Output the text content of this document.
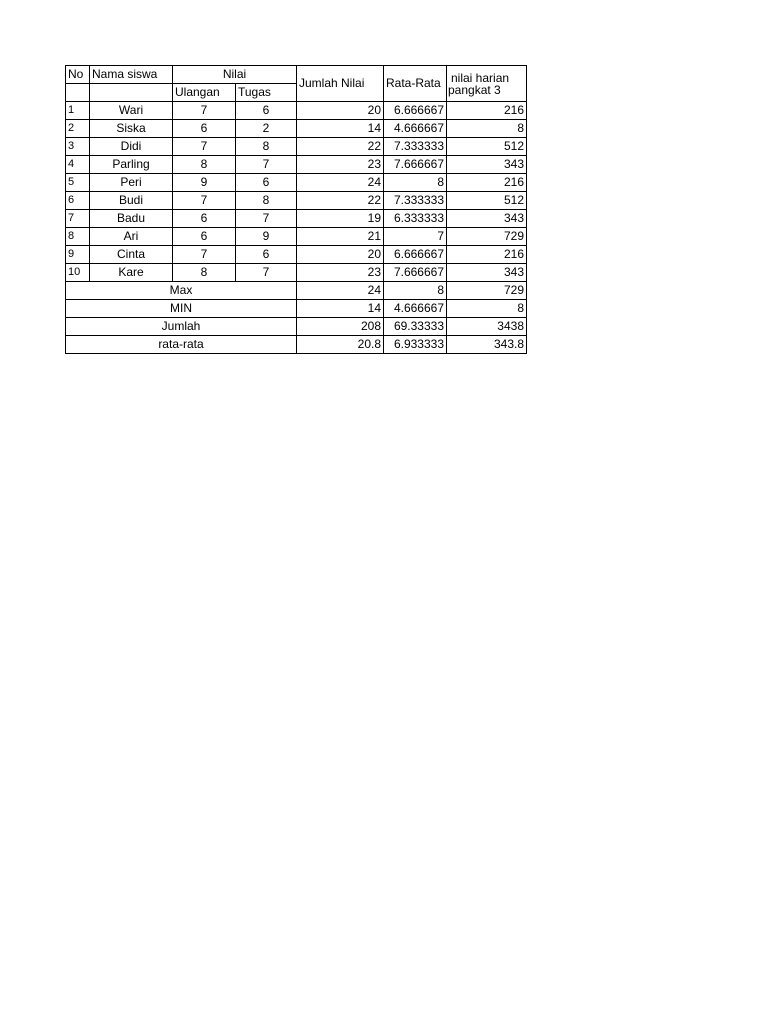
No	Nama siswa	Nilai		Jumlah Nilai	Rata-Rata	nilai harian
pangkat 3

		Ulangan	Tugas			
1	Wari	7	6	20	6.666667	216
2	Siska	6	2	14	4.666667	8
3	Didi	7	8	22	7.333333	512
4	Parling	8	7	23	7.666667	343
5	Peri	9	6	24	8	216
6	Budi	7	8	22	7.333333	512
7	Badu	6	7	19	6.333333	343
8	Ari	6	9	21	7	729
9	Cinta	7	6	20	6.666667	216
10	Kare	8	7	23	7.666667	343
Max				24	8	729
MIN				14	4.666667	8
Jumlah				208	69.33333	3438
rata-rata				20.8	6.933333	343.8
